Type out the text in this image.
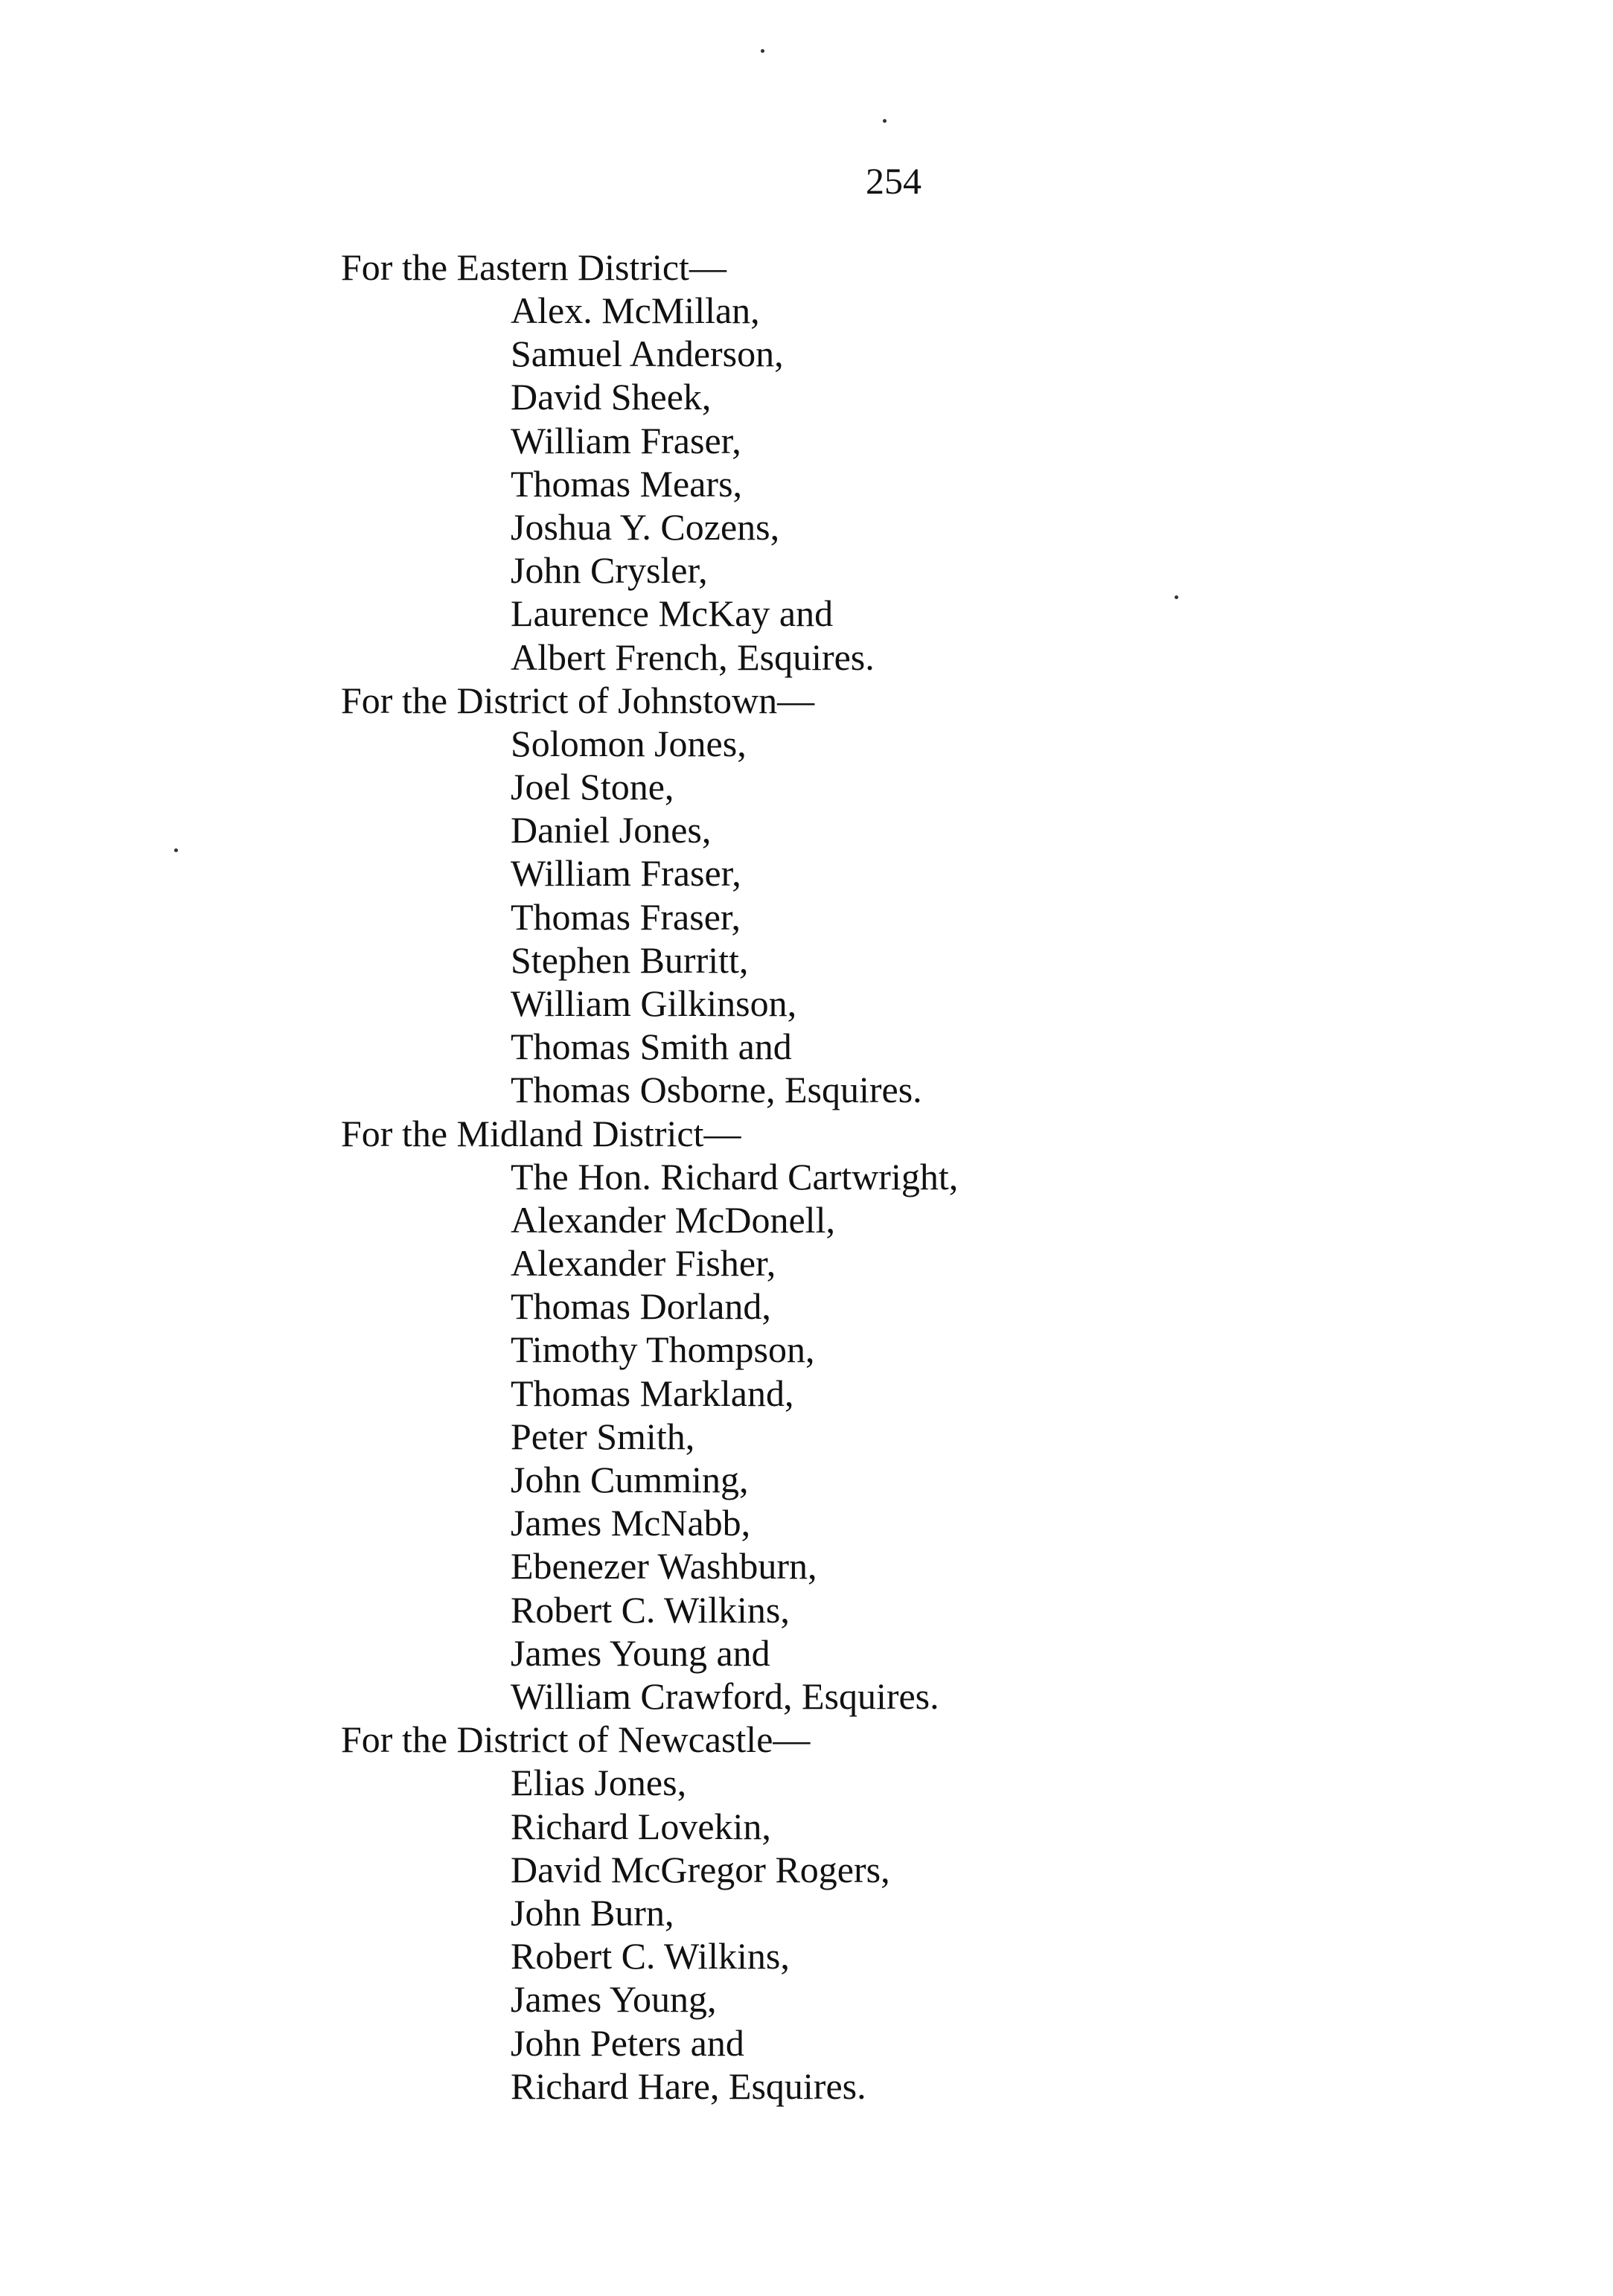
254
For the Eastern District—
Alex. McMillan,
Samuel Anderson,
David Sheek,
William Fraser,
Thomas Mears,
Joshua Y. Cozens,
John Crysler,
Laurence McKay and
Albert French, Esquires.
For the District of Johnstown—
Solomon Jones,
Joel Stone,
Daniel Jones,
William Fraser,
Thomas Fraser,
Stephen Burritt,
William Gilkinson,
Thomas Smith and
Thomas Osborne, Esquires.
For the Midland District—
The Hon. Richard Cartwright,
Alexander McDonell,
Alexander Fisher,
Thomas Dorland,
Timothy Thompson,
Thomas Markland,
Peter Smith,
John Cumming,
James McNabb,
Ebenezer Washburn,
Robert C. Wilkins,
James Young and
William Crawford, Esquires.
For the District of Newcastle—
Elias Jones,
Richard Lovekin,
David McGregor Rogers,
John Burn,
Robert C. Wilkins,
James Young,
John Peters and
Richard Hare, Esquires.
